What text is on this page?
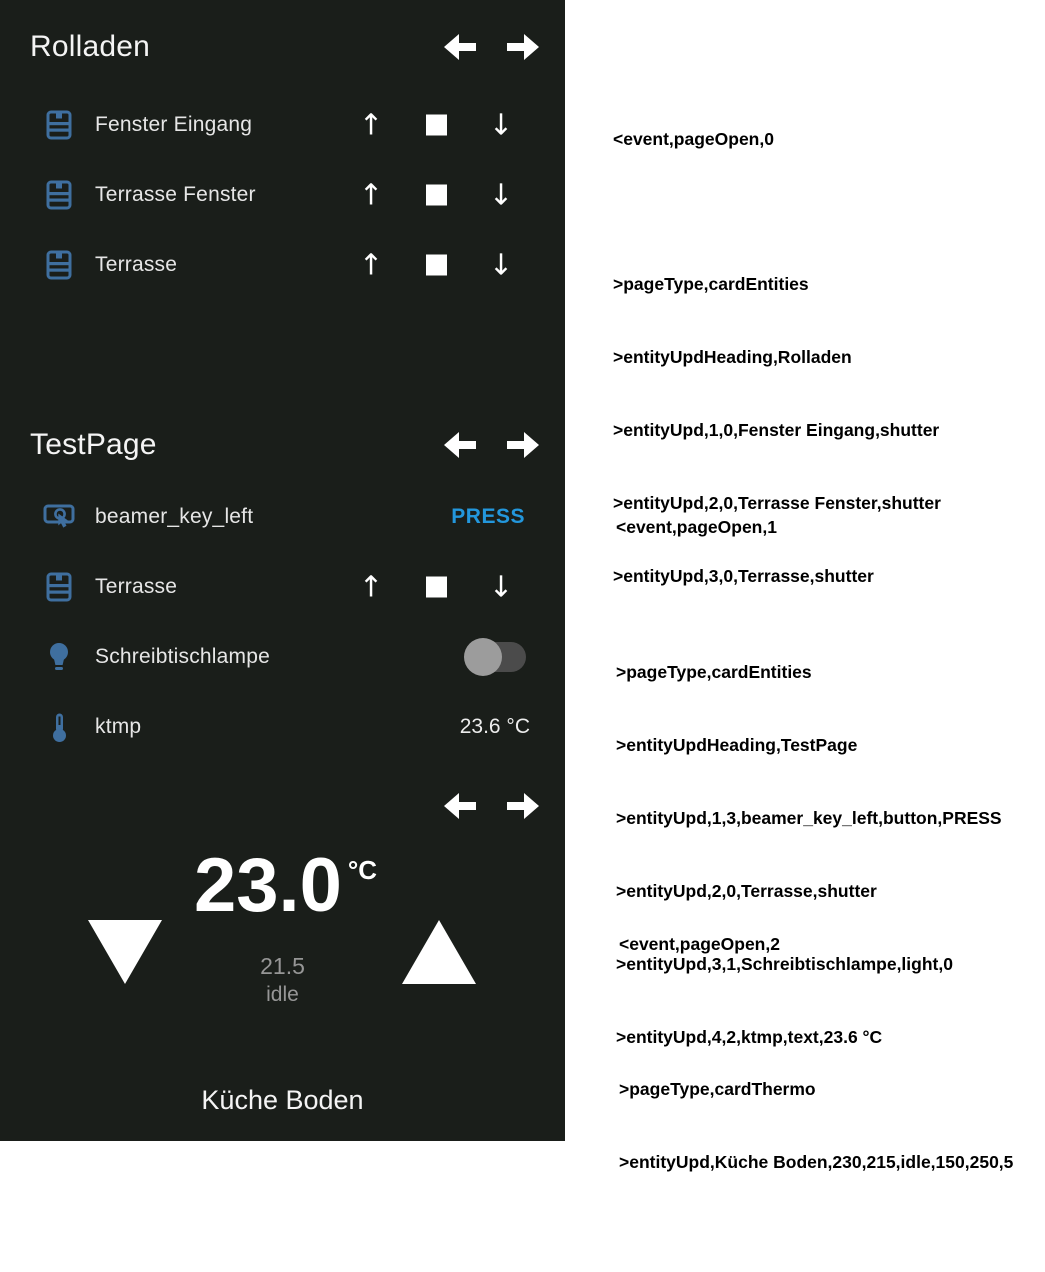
Rolladen
Fenster Eingang	↑	↓
Terrasse Fenster	↑	↓
Terrasse	↑	↓
TestPage
beamer_key_left	PRESS
Terrasse	↑	↓
Schreibtischlampe
ktmp	23.6 °C
23.0 $^{^\circ C}$
21.5
idle
Küche Boden

<event,pageOpen,0

>pageType,cardEntities

>entityUpdHeading,Rolladen

>entityUpd,1,0,Fenster Eingang,shutter

>entityUpd,2,0,Terrasse Fenster,shutter

>entityUpd,3,0,Terrasse,shutter

<event,pageOpen,1

>pageType,cardEntities

>entityUpdHeading,TestPage

>entityUpd,1,3,beamer_key_left,button,PRESS

>entityUpd,2,0,Terrasse,shutter

>entityUpd,3,1,Schreibtischlampe,light,0

>entityUpd,4,2,ktmp,text,23.6 °C

<event,pageOpen,2

>pageType,cardThermo

>entityUpd,Küche Boden,230,215,idle,150,250,5
